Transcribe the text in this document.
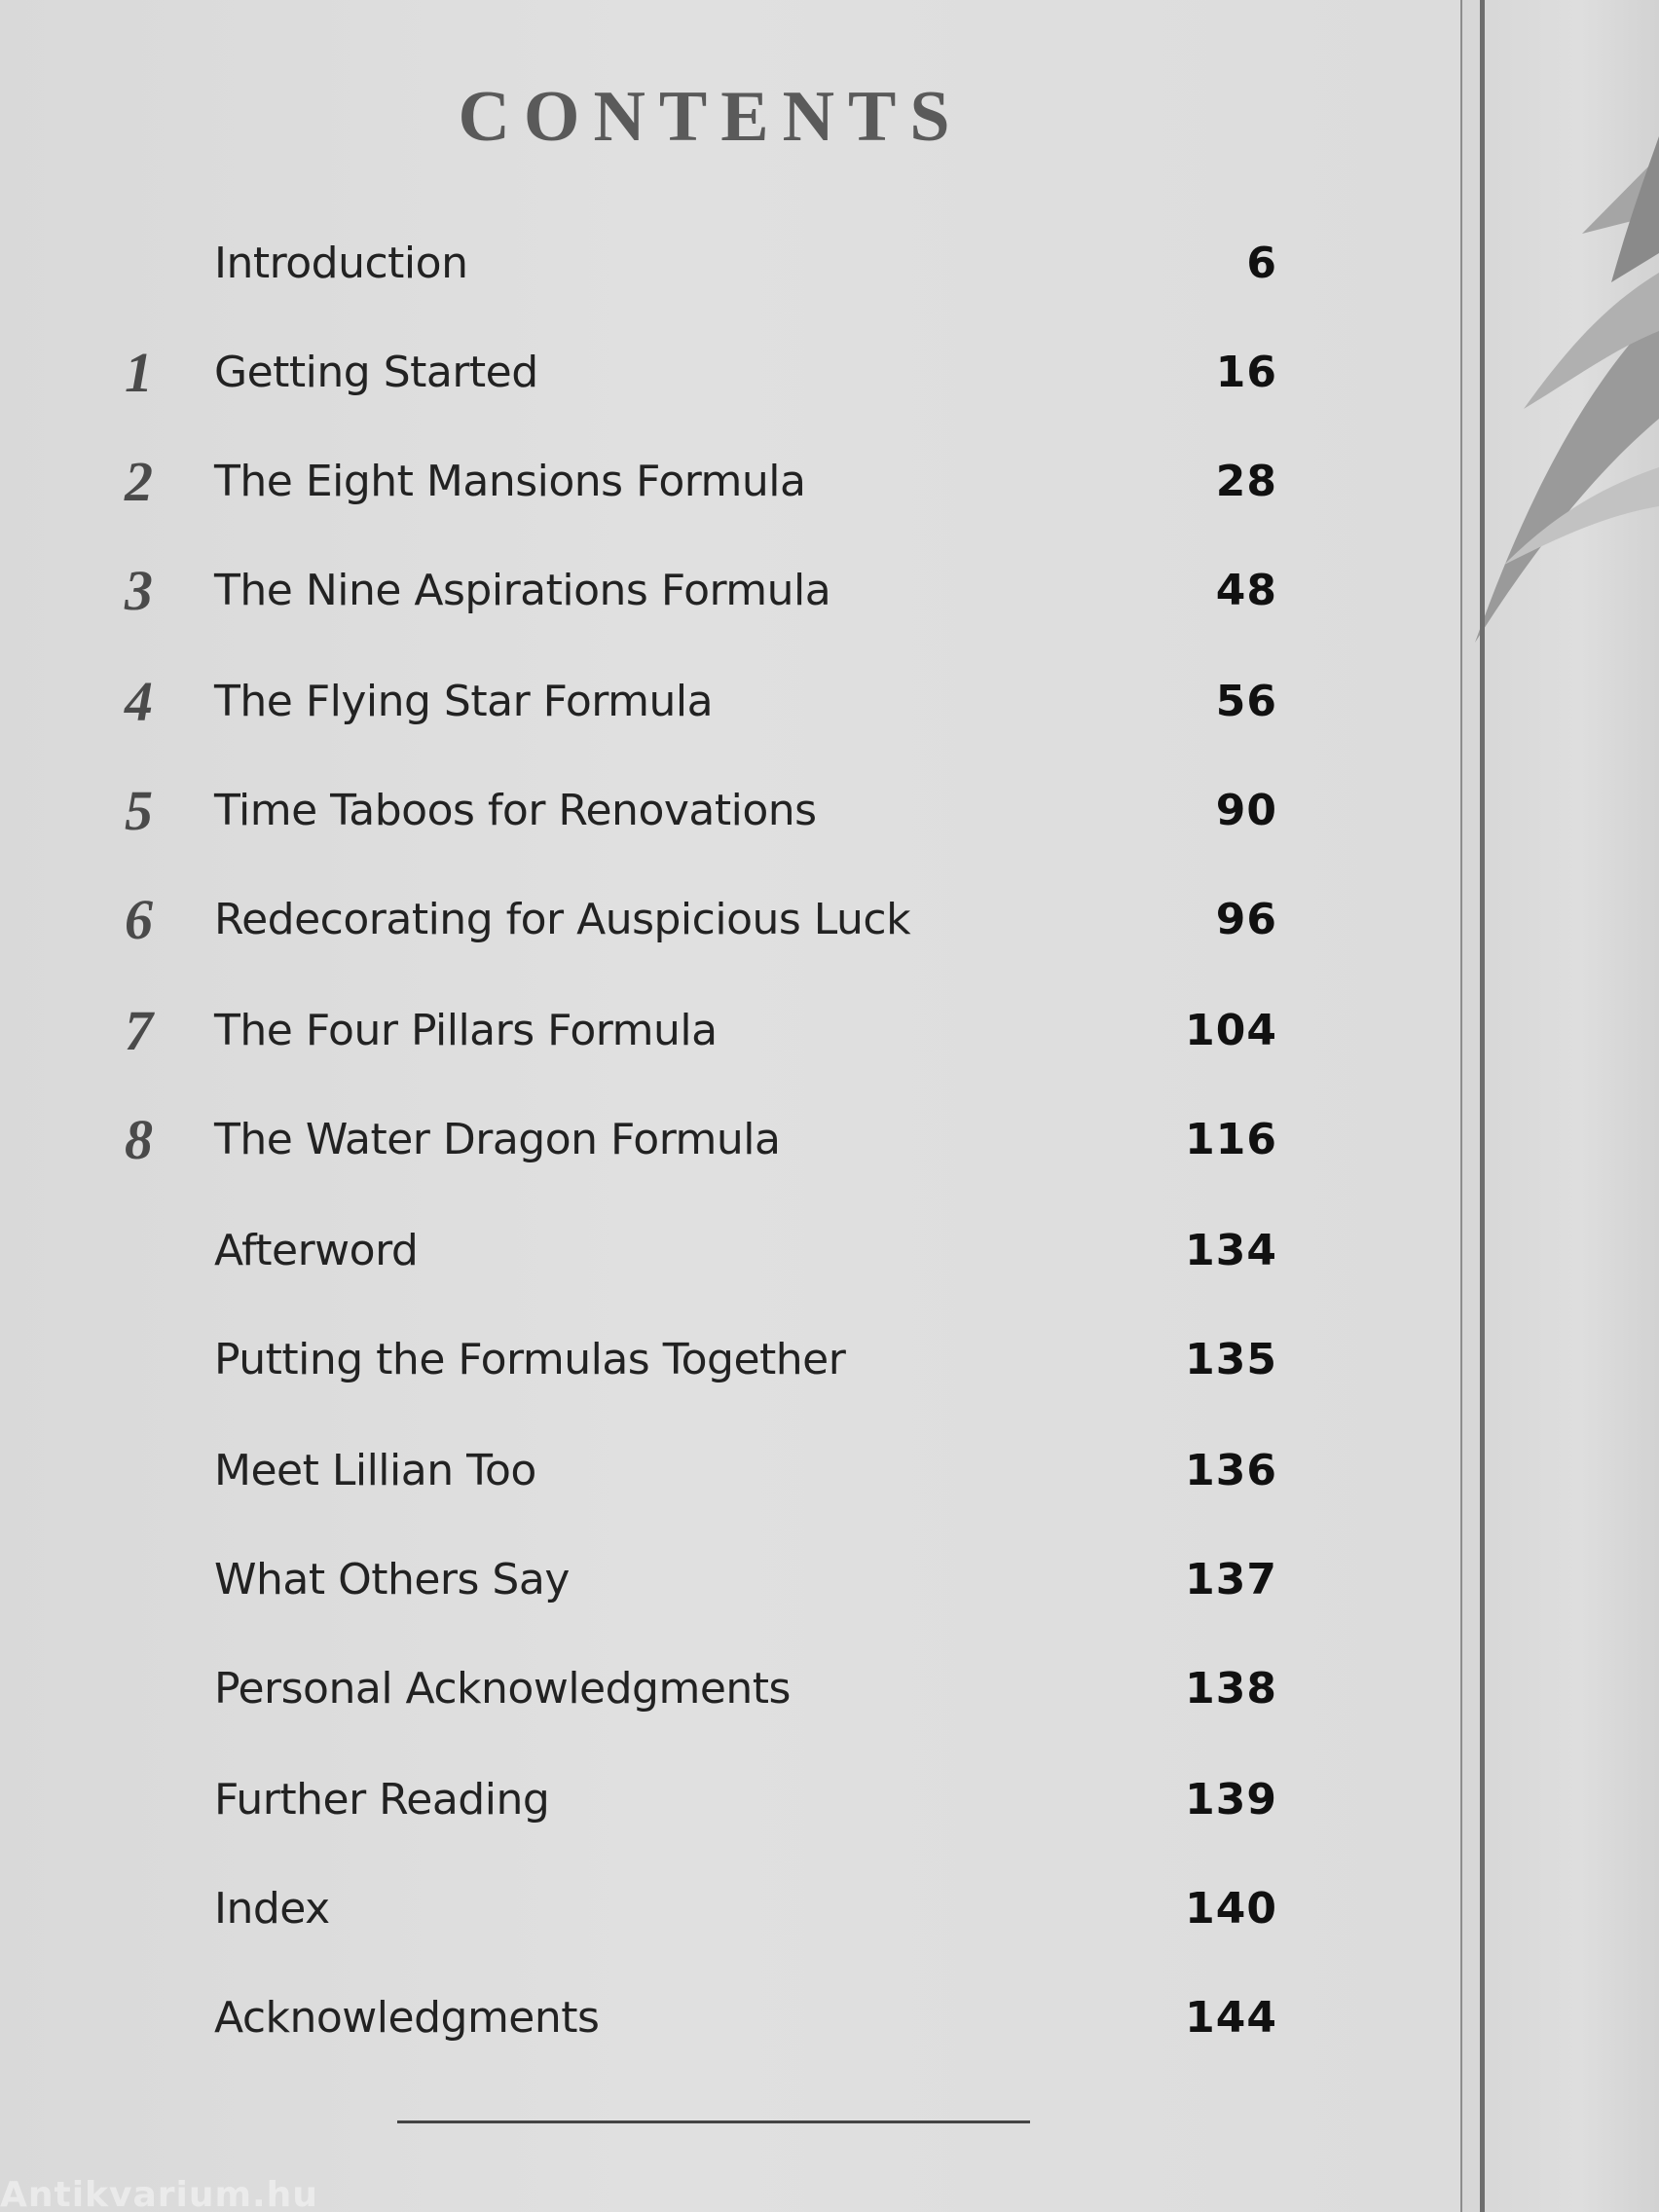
CONTENTS
Introduction	6
1	Getting Started	16
2	The Eight Mansions Formula	28
3	The Nine Aspirations Formula	48
4	The Flying Star Formula	56
5	Time Taboos for Renovations	90
6	Redecorating for Auspicious Luck	96
7	The Four Pillars Formula	104
8	The Water Dragon Formula	116
Afterword	134
Putting the Formulas Together	135
Meet Lillian Too	136
What Others Say	137
Personal Acknowledgments	138
Further Reading	139
Index	140
Acknowledgments	144
Antikvarium.hu
